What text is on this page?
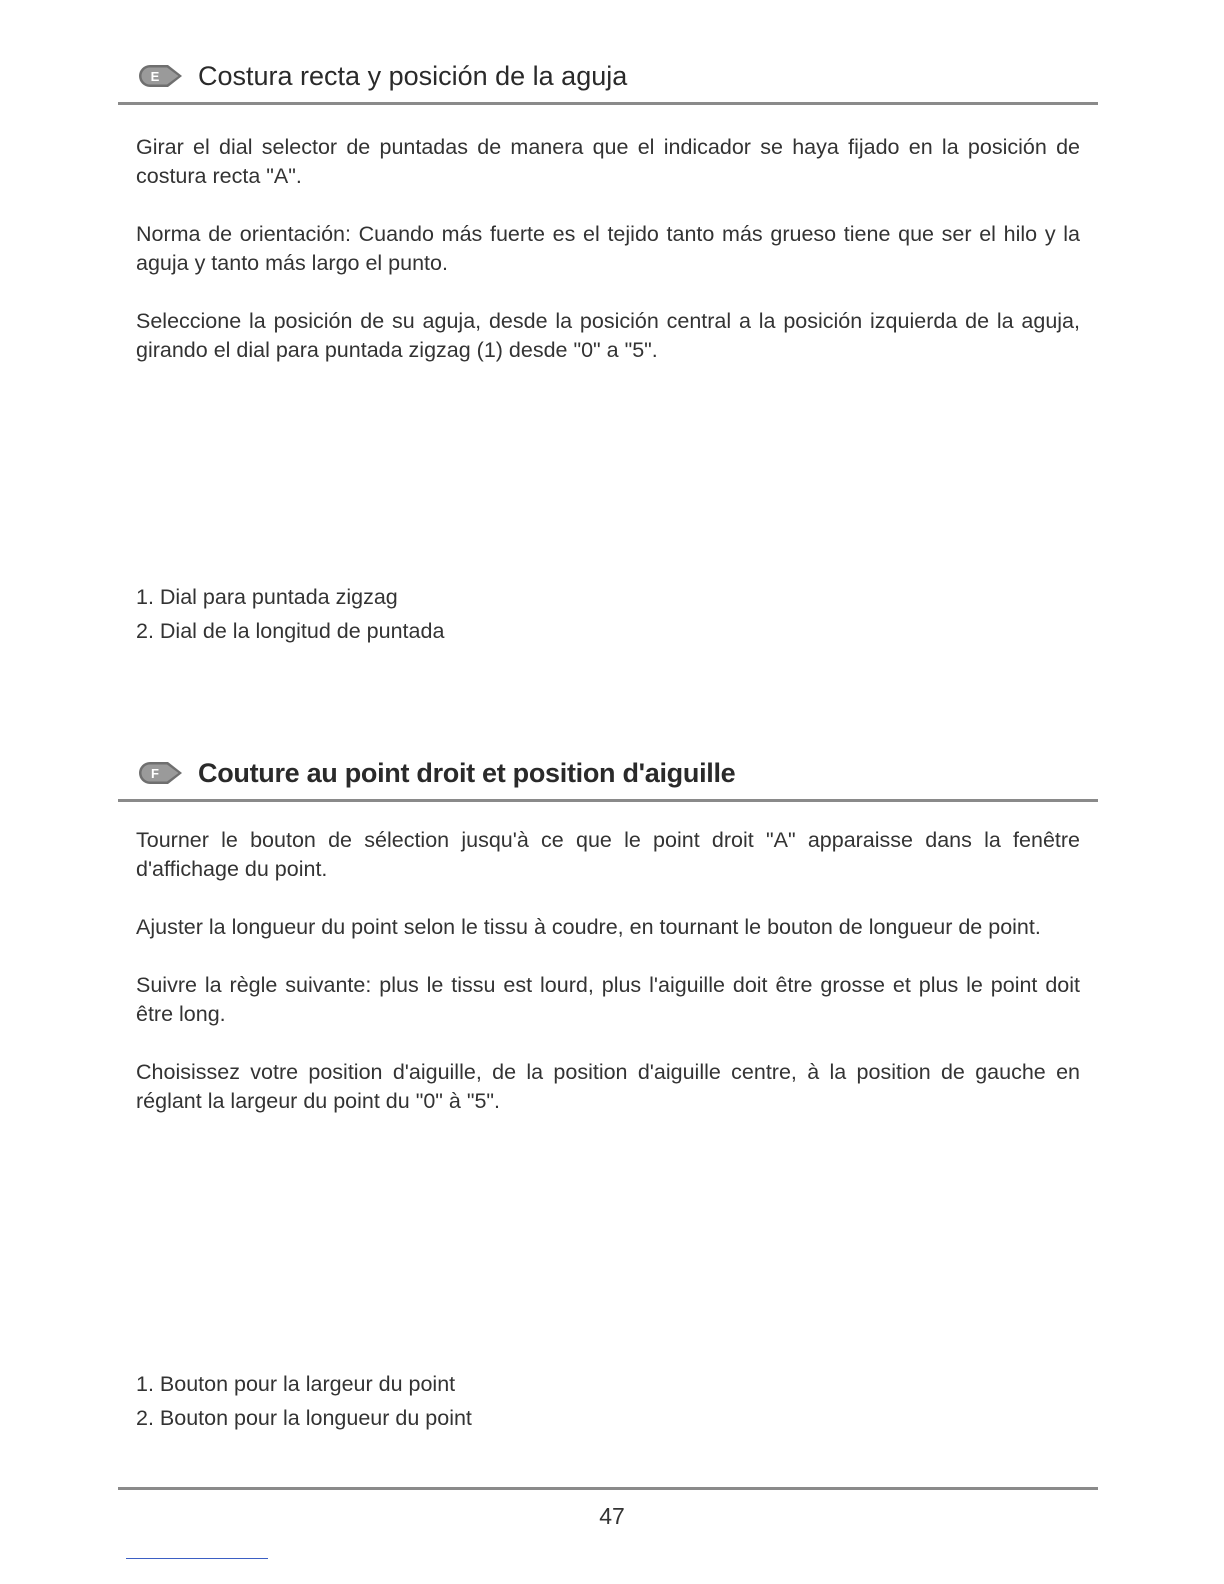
E Costura recta y posición de la aguja

Girar el dial selector de puntadas de manera que el indicador se haya fijado en la posición de costura recta "A".

Norma de orientación: Cuando más fuerte es el tejido tanto más grueso tiene que ser el hilo y la aguja y tanto más largo el punto.

Seleccione la posición de su aguja, desde la posición central a la posición izquierda de la aguja, girando el dial para puntada zigzag (1) desde "0" a "5".

1. Dial para puntada zigzag
2. Dial de la longitud de puntada
F Couture au point droit et position d'aiguille

Tourner le bouton de sélection jusqu'à ce que le point droit "A" apparaisse dans la fenêtre d'affichage du point.

Ajuster la longueur du point selon le tissu à coudre, en tournant le bouton de longueur de point.

Suivre la règle suivante: plus le tissu est lourd, plus l'aiguille doit être grosse et plus le point doit être long.

Choisissez votre position d'aiguille, de la position d'aiguille centre, à la position de gauche en réglant la largeur du point du "0" à "5".

1. Bouton pour la largeur du point
2. Bouton pour la longueur du point
47
